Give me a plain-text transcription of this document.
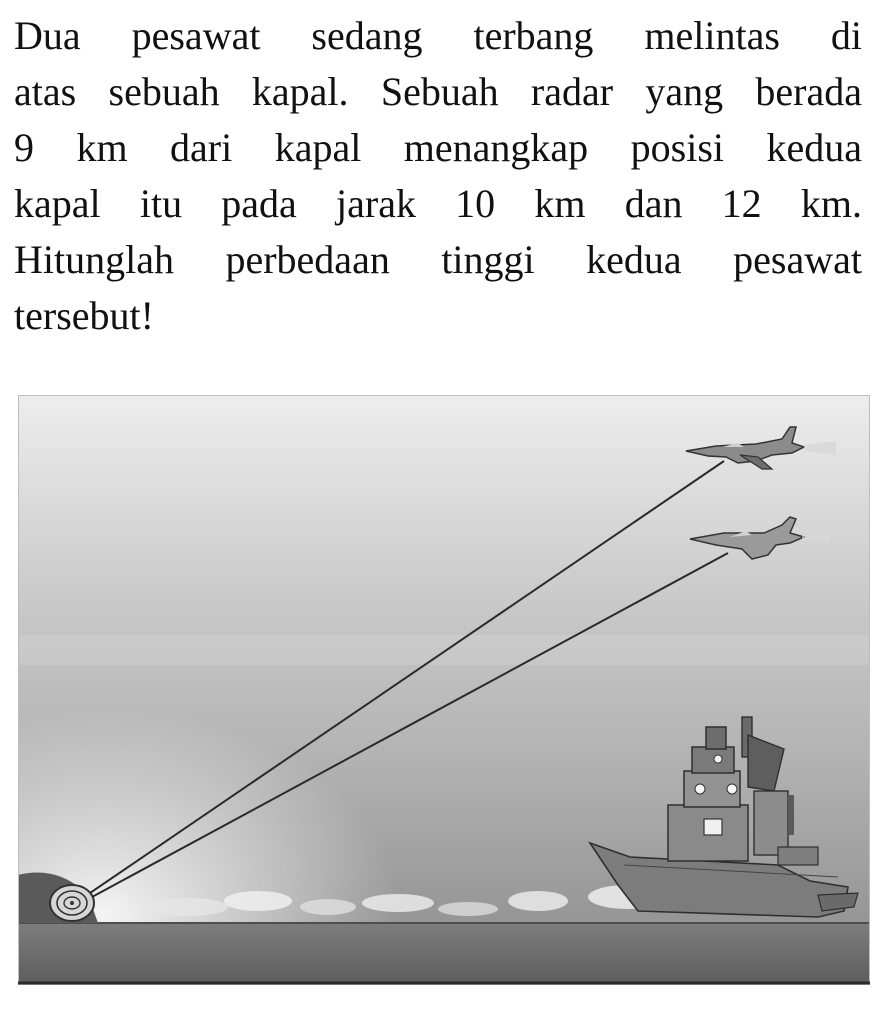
Dua pesawat sedang terbang melintas di
atas sebuah kapal. Sebuah radar yang berada
9 km dari kapal menangkap posisi kedua
kapal itu pada jarak 10 km dan 12 km.
Hitunglah perbedaan tinggi kedua pesawat
tersebut!
